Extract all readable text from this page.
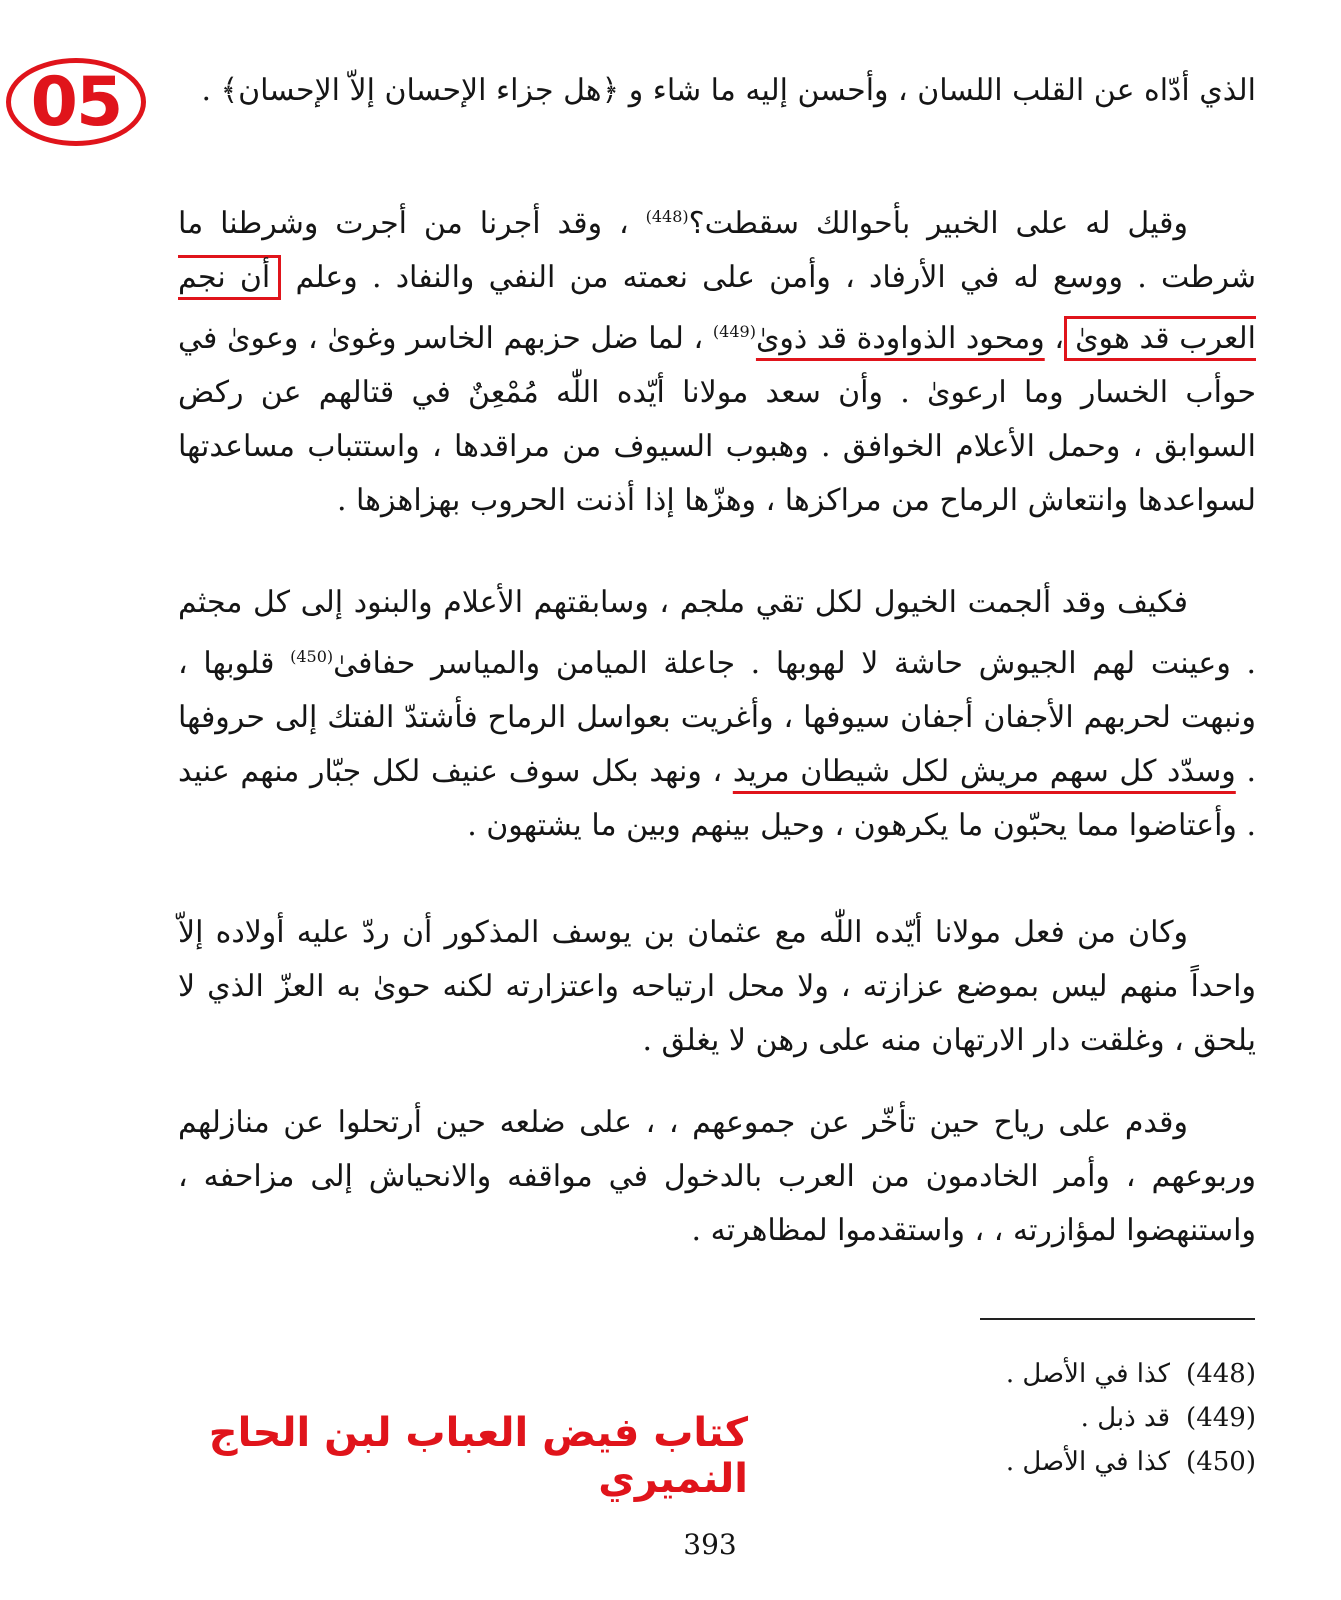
05	الذي أدّاه عن القلب اللسان ، وأحسن إليه ما شاء و ﴿هل جزاء الإحسان إلاّ الإحسان﴾ .

وقيل له على الخبير بأحوالك سقطت؟$^{(448)}$ ، وقد أجرنا من أجرت وشرطنا ما شرطت . ووسع له في الأرفاد ، وأمن على نعمته من النفي والنفاد . وعلم أن نجم العرب قد هوىٰ، ومحود الذواودة قد ذوىٰ$^{(449)}$ ، لما ضل حزبهم الخاسر وغوىٰ ، وعوىٰ في حوأب الخسار وما ارعوىٰ . وأن سعد مولانا أيّده اللّٰه مُمْعِنٌ في قتالهم عن ركض السوابق ، وحمل الأعلام الخوافق . وهبوب السيوف من مراقدها ، واستتباب مساعدتها لسواعدها وانتعاش الرماح من مراكزها ، وهزّها إذا أذنت الحروب بهزاهزها .

فكيف وقد ألجمت الخيول لكل تقي ملجم ، وسابقتهم الأعلام والبنود إلى كل مجثم . وعينت لهم الجيوش حاشة لا لهوبها . جاعلة الميامن والمياسر حفافىٰ$^{(450)}$ قلوبها ، ونبهت لحربهم الأجفان أجفان سيوفها ، وأغريت بعواسل الرماح فأشتدّ الفتك إلى حروفها . وسدّد كل سهم مريش لكل شيطان مريد ، ونهد بكل سوف عنيف لكل جبّار منهم عنيد . وأعتاضوا مما يحبّون ما يكرهون ، وحيل بينهم وبين ما يشتهون .

وكان من فعل مولانا أيّده اللّٰه مع عثمان بن يوسف المذكور أن ردّ عليه أولاده إلاّ واحداً منهم ليس بموضع عزازته ، ولا محل ارتياحه واعتزارته لكنه حوىٰ به العزّ الذي لا يلحق ، وغلقت دار الارتهان منه على رهن لا يغلق .

وقدم على رياح حين تأخّر عن جموعهم ، ، على ضلعه حين أرتحلوا عن منازلهم وربوعهم ، وأمر الخادمون من العرب بالدخول في مواقفه والانحياش إلى مزاحفه ، واستنهضوا لمؤازرته ، ، واستقدموا لمظاهرته .

(448)كذا في الأصل .
(449)قد ذبل .
(450)كذا في الأصل .
كتاب فيض العباب لبن الحاج النميري
393
